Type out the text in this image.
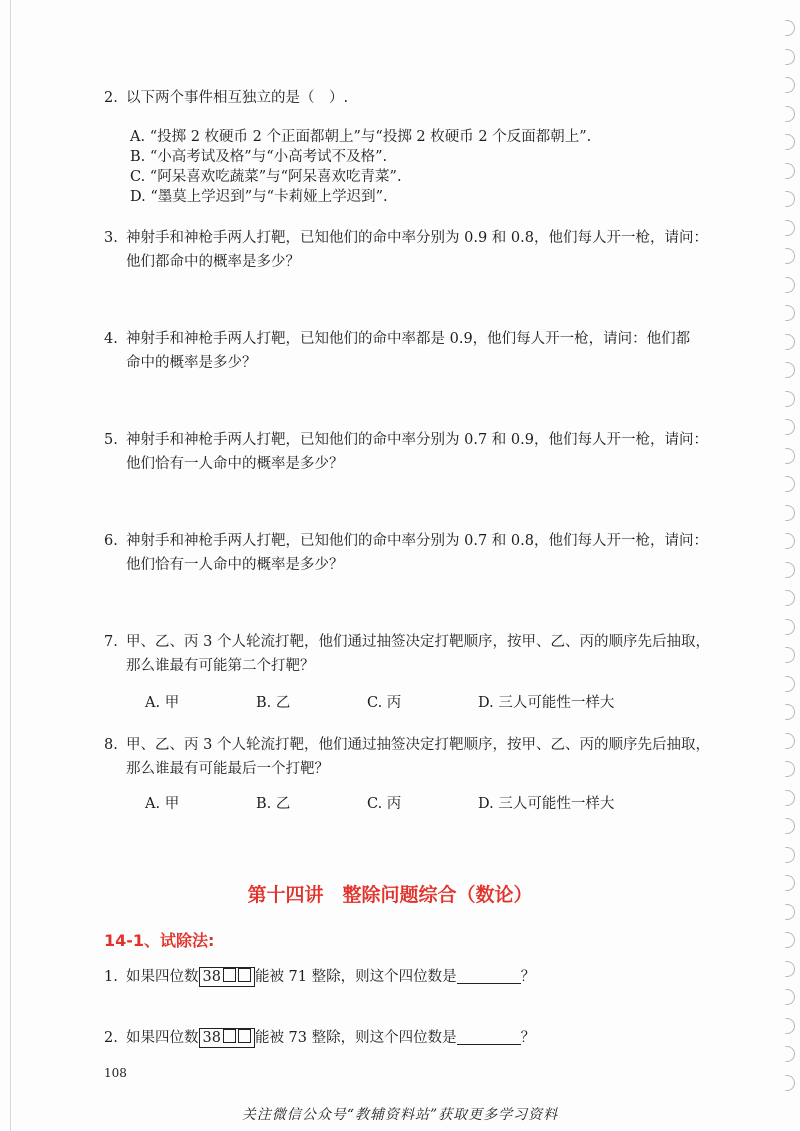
2. 以下两个事件相互独立的是（　）.
A. “投掷 2 枚硬币 2 个正面都朝上”与“投掷 2 枚硬币 2 个反面都朝上”.
B. “小高考试及格”与“小高考试不及格”.
C. “阿呆喜欢吃蔬菜”与“阿呆喜欢吃青菜”.
D. “墨莫上学迟到”与“卡莉娅上学迟到”.
3. 神射手和神枪手两人打靶，已知他们的命中率分别为 0.9 和 0.8，他们每人开一枪，请问：
他们都命中的概率是多少？
4. 神射手和神枪手两人打靶，已知他们的命中率都是 0.9，他们每人开一枪，请问：他们都
命中的概率是多少？
5. 神射手和神枪手两人打靶，已知他们的命中率分别为 0.7 和 0.9，他们每人开一枪，请问：
他们恰有一人命中的概率是多少？
6. 神射手和神枪手两人打靶，已知他们的命中率分别为 0.7 和 0.8，他们每人开一枪，请问：
他们恰有一人命中的概率是多少？
7. 甲、乙、丙 3 个人轮流打靶，他们通过抽签决定打靶顺序，按甲、乙、丙的顺序先后抽取，
那么谁最有可能第二个打靶？
A. 甲	B. 乙	C. 丙	D. 三人可能性一样大
8. 甲、乙、丙 3 个人轮流打靶，他们通过抽签决定打靶顺序，按甲、乙、丙的顺序先后抽取，
那么谁最有可能最后一个打靶？
A. 甲	B. 乙	C. 丙	D. 三人可能性一样大
第十四讲　整除问题综合（数论）
14-1、试除法:
1. 如果四位数 38 能被 71 整除，则这个四位数是	？
2. 如果四位数 38 能被 73 整除，则这个四位数是	？
108
关注微信公众号“教辅资料站”获取更多学习资料
